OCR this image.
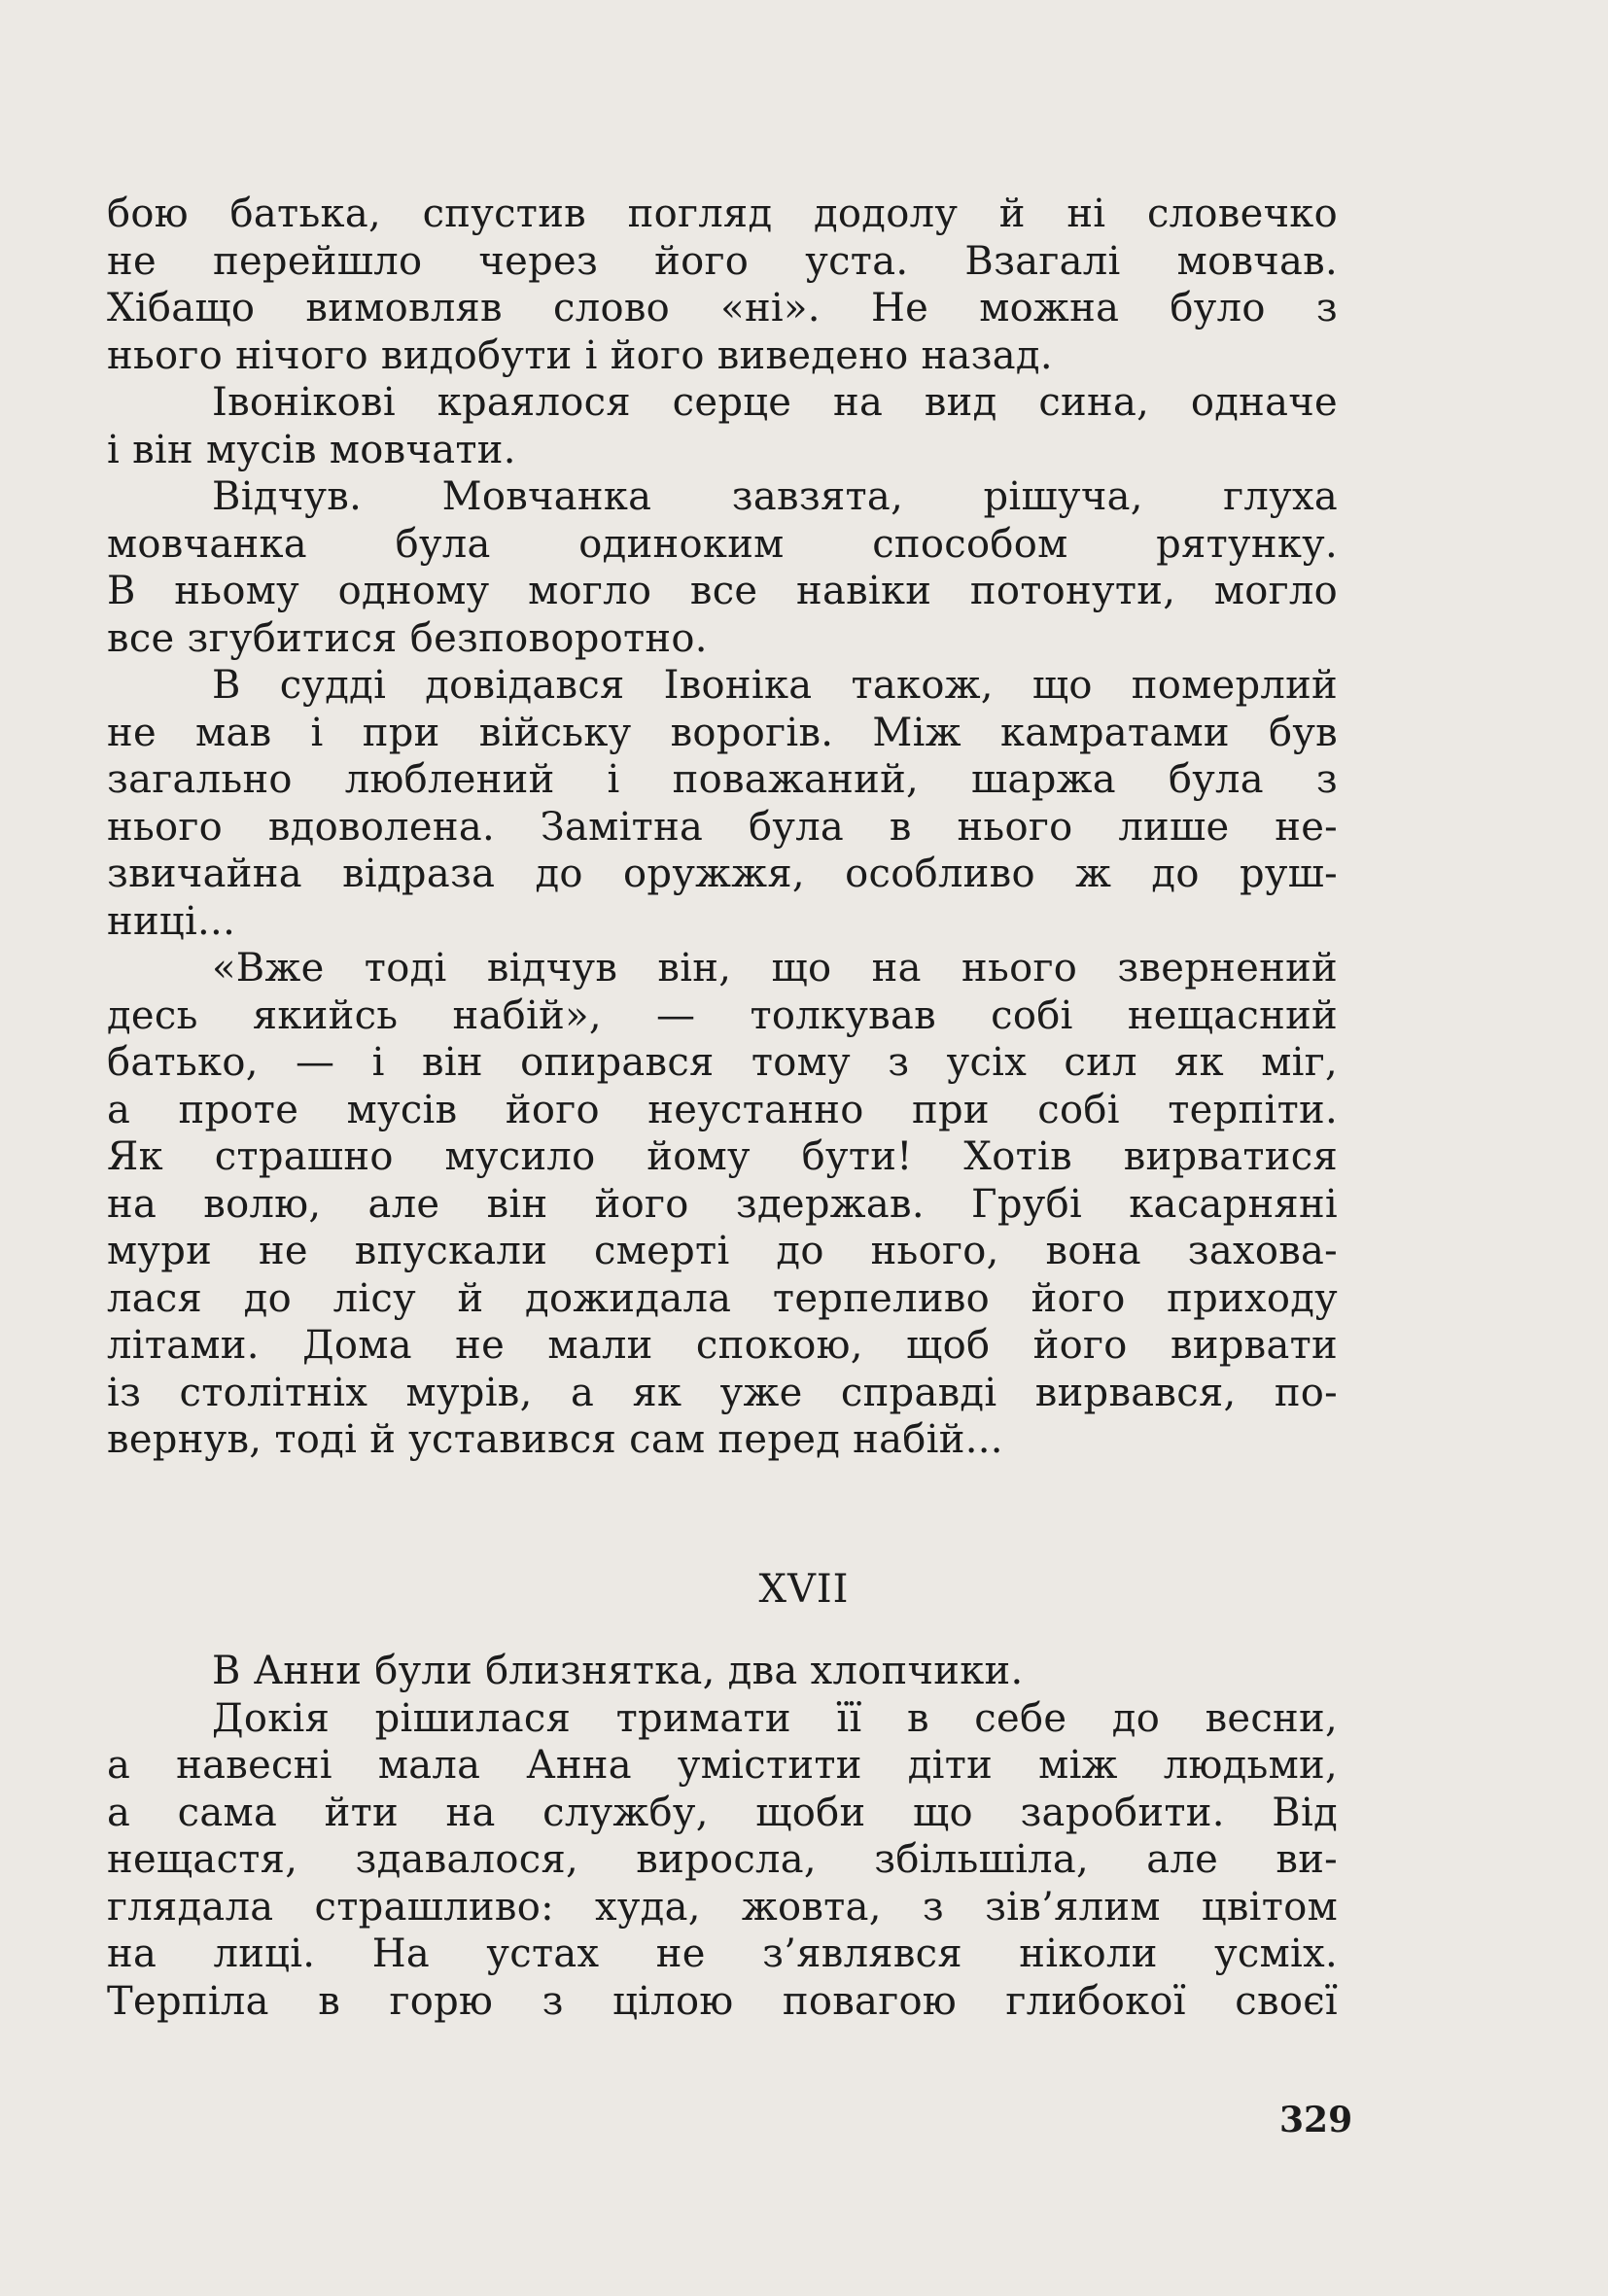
бою батька, спустив погляд додолу й ні словечко
не перейшло через його уста. Взагалі мовчав.
Хібащо вимовляв слово «ні». Не можна було з
нього нічого видобути і його виведено назад.
Івонікові краялося серце на вид сина, одначе
і він мусів мовчати.
Відчув. Мовчанка завзята, рішуча, глуха
мовчанка була одиноким способом рятунку.
В ньому одному могло все навіки потонути, могло
все згубитися безповоротно.
В судді довідався Івоніка також, що померлий
не мав і при війську ворогів. Між камратами був
загально люблений і поважаний, шаржа була з
нього вдоволена. Замітна була в нього лише не-
звичайна відраза до оружжя, особливо ж до руш-
ниці...
«Вже тоді відчув він, що на нього звернений
десь якийсь набій», — толкував собі нещасний
батько, — і він опирався тому з усіх сил як міг,
а проте мусів його неустанно при собі терпіти.
Як страшно мусило йому бути! Хотів вирватися
на волю, але він його здержав. Грубі касарняні
мури не впускали смерті до нього, вона захова-
лася до лісу й дожидала терпеливо його приходу
літами. Дома не мали спокою, щоб його вирвати
із столітніх мурів, а як уже справді вирвався, по-
вернув, тоді й уставився сам перед набій...
XVII
В Анни були близнятка, два хлопчики.
Докія рішилася тримати її в себе до весни,
а навесні мала Анна умістити діти між людьми,
а сама йти на службу, щоби що заробити. Від
нещастя, здавалося, виросла, збільшіла, але ви-
глядала страшливо: худа, жовта, з зів’ялим цвітом
на лиці. На устах не з’являвся ніколи усміх.
Терпіла в горю з цілою повагою глибокої своєї
329
